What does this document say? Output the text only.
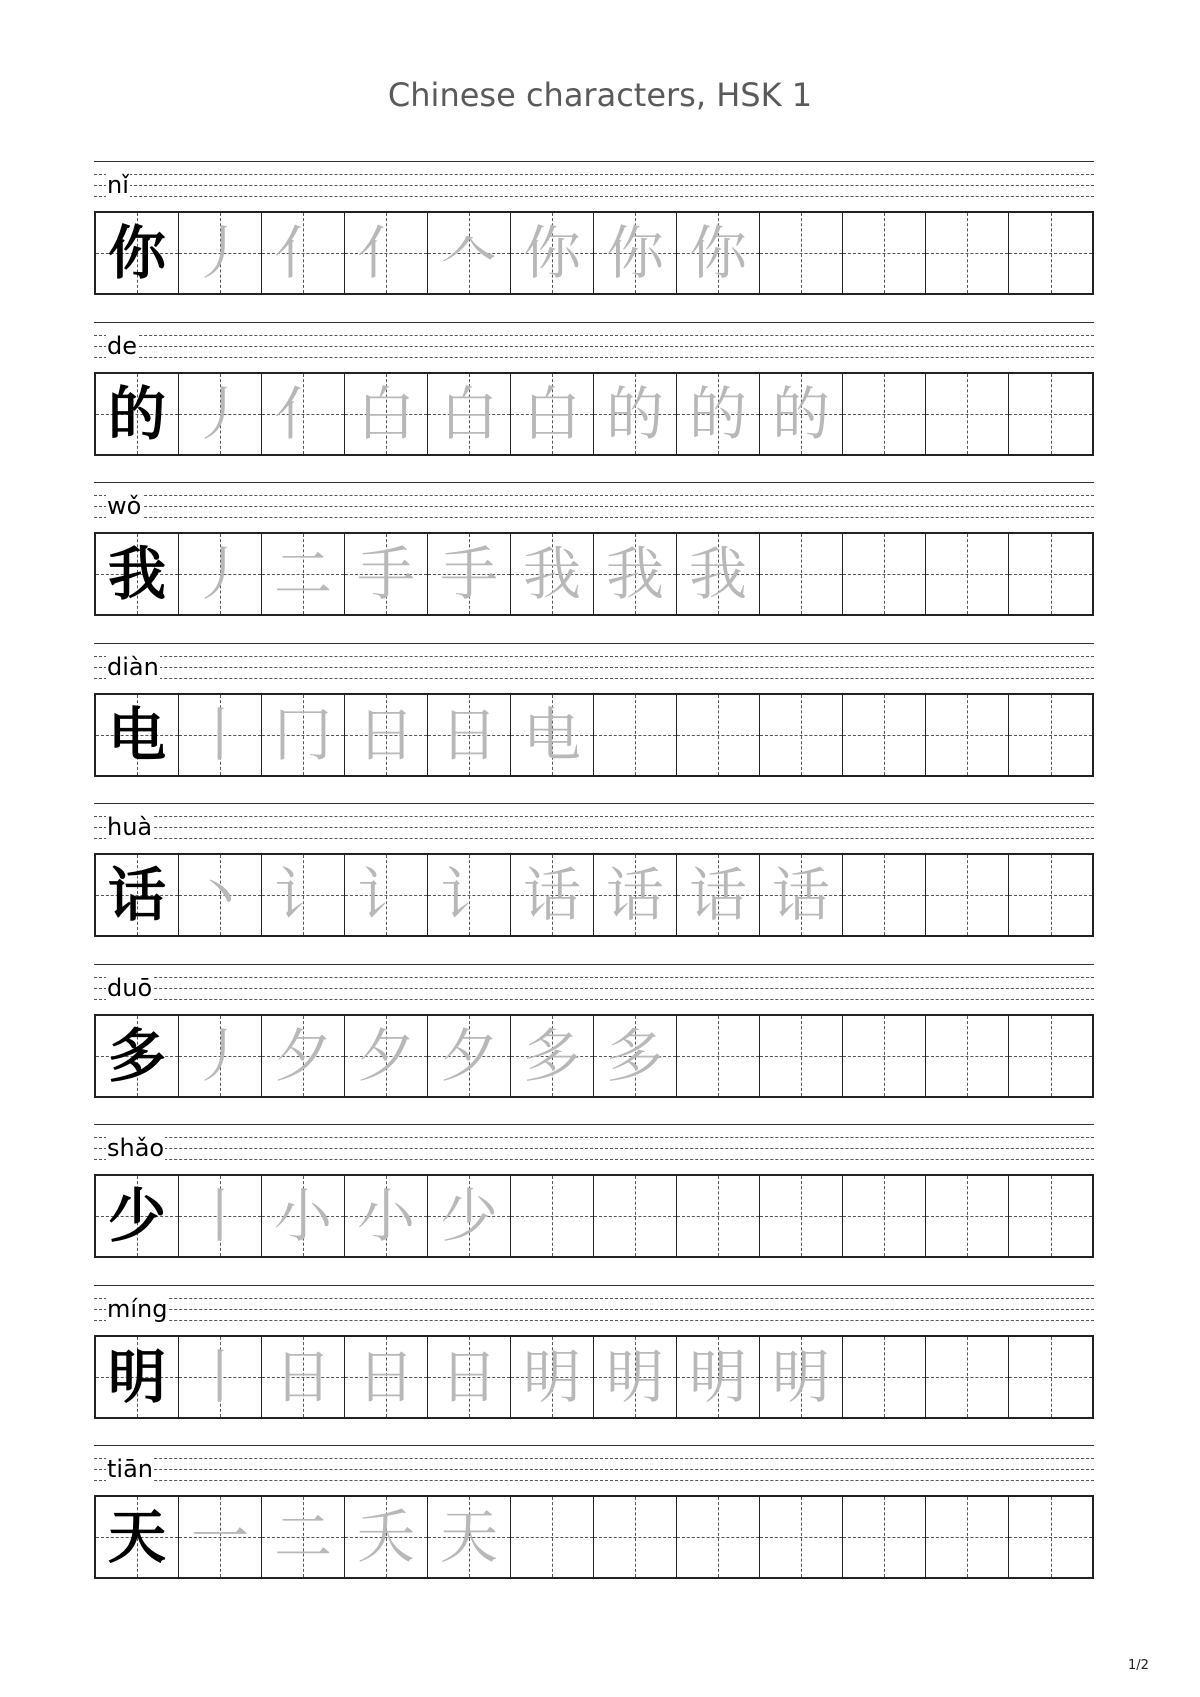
Chinese characters, HSK 1
nǐ
你 丿 亻 亻 𠆢 你 你 你
de
的 丿 亻 白 白 白 的 的 的
wǒ
我 丿 二 手 手 我 我 我
diàn
电 丨 冂 日 日 电
huà
话 丶 讠 讠 讠 话 话 话 话
duō
多 丿 夕 夕 夕 多 多
shǎo
少 丨 小 小 少
míng
明 丨 日 日 日 明 明 明 明
tiān
天 一 二 夭 天
1/2
